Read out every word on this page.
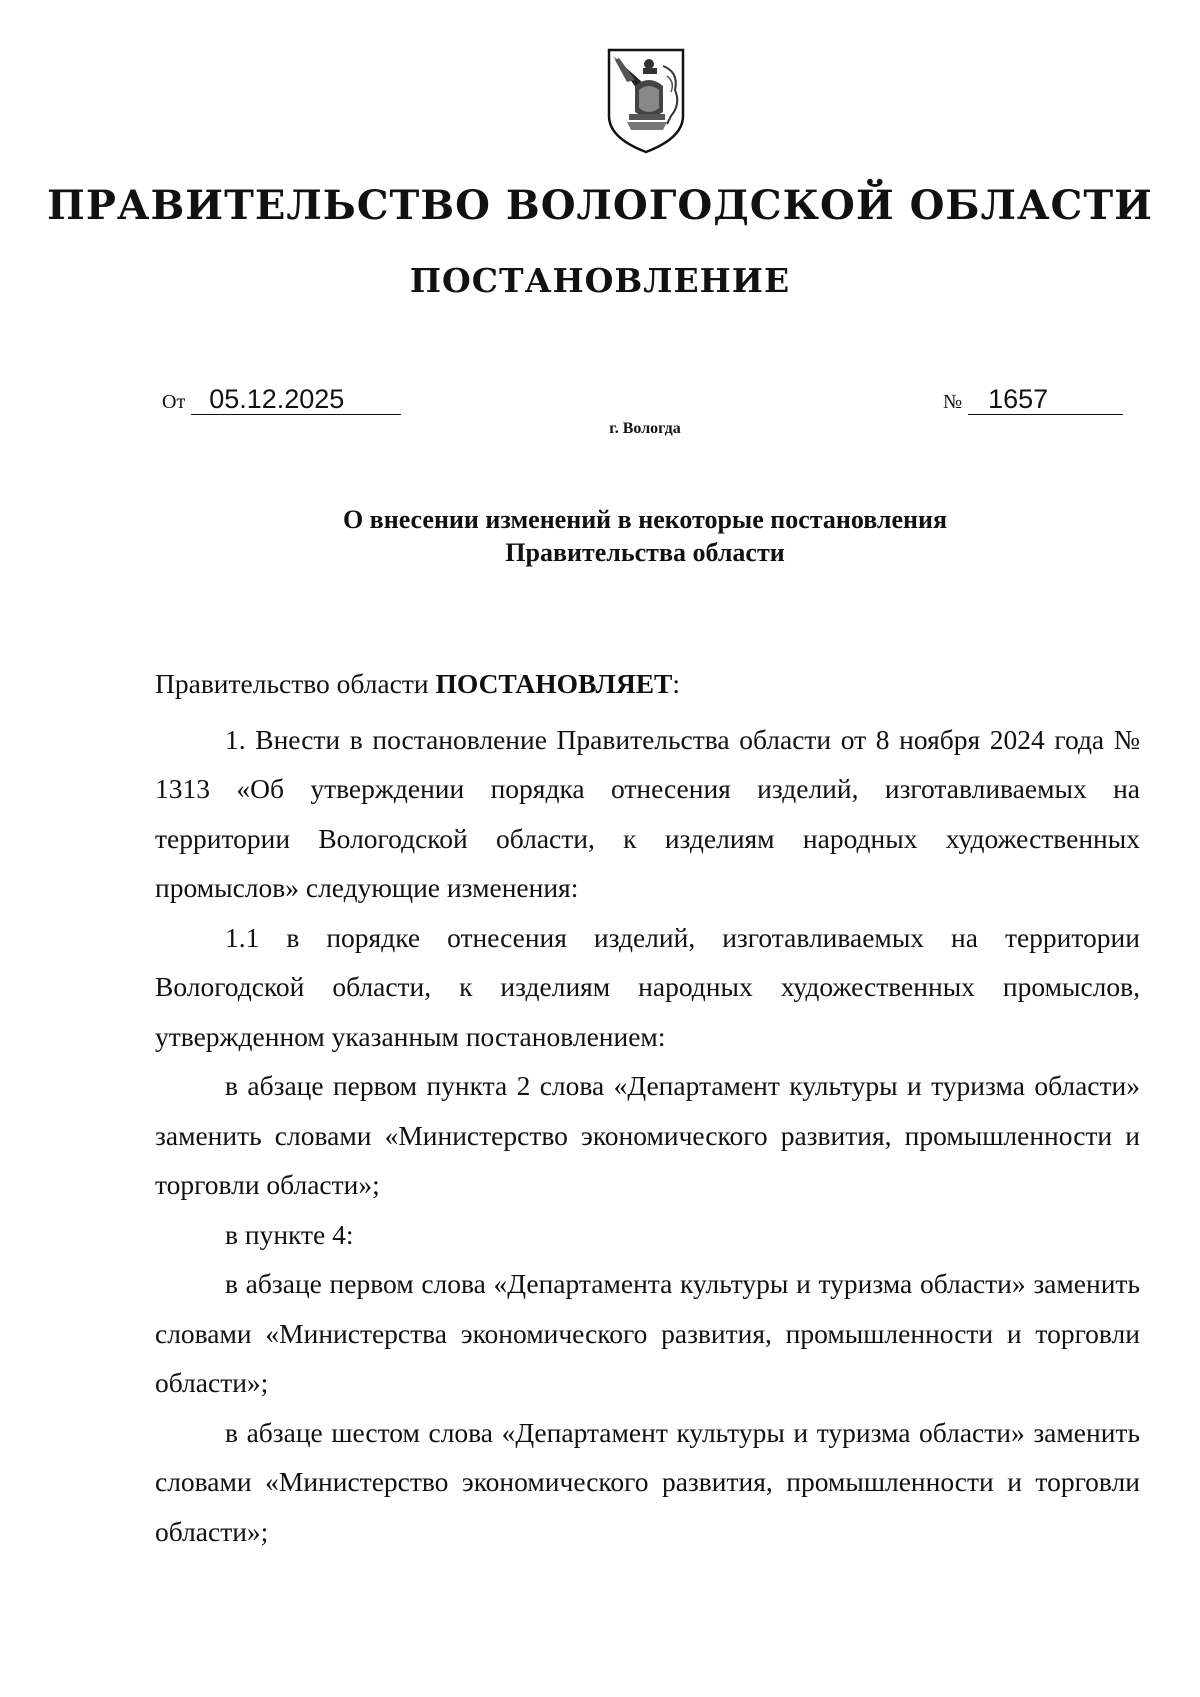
ПРАВИТЕЛЬСТВО ВОЛОГОДСКОЙ ОБЛАСТИ
ПОСТАНОВЛЕНИЕ
От 05.12.2025	№ 1657
г. Вологда
О внесении изменений в некоторые постановления
Правительства области

Правительство области ПОСТАНОВЛЯЕТ:

1. Внести в постановление Правительства области от 8 ноября 2024 года № 1313 «Об утверждении порядка отнесения изделий, изготавливаемых на территории Вологодской области, к изделиям народных художественных промыслов» следующие изменения:

1.1 в порядке отнесения изделий, изготавливаемых на территории Вологодской области, к изделиям народных художественных промыслов, утвержденном указанным постановлением:

в абзаце первом пункта 2 слова «Департамент культуры и туризма области» заменить словами «Министерство экономического развития, промышленности и торговли области»;

в пункте 4:

в абзаце первом слова «Департамента культуры и туризма области» заменить словами «Министерства экономического развития, промышленности и торговли области»;

в абзаце шестом слова «Департамент культуры и туризма области» заменить словами «Министерство экономического развития, промышленности и торговли области»;
